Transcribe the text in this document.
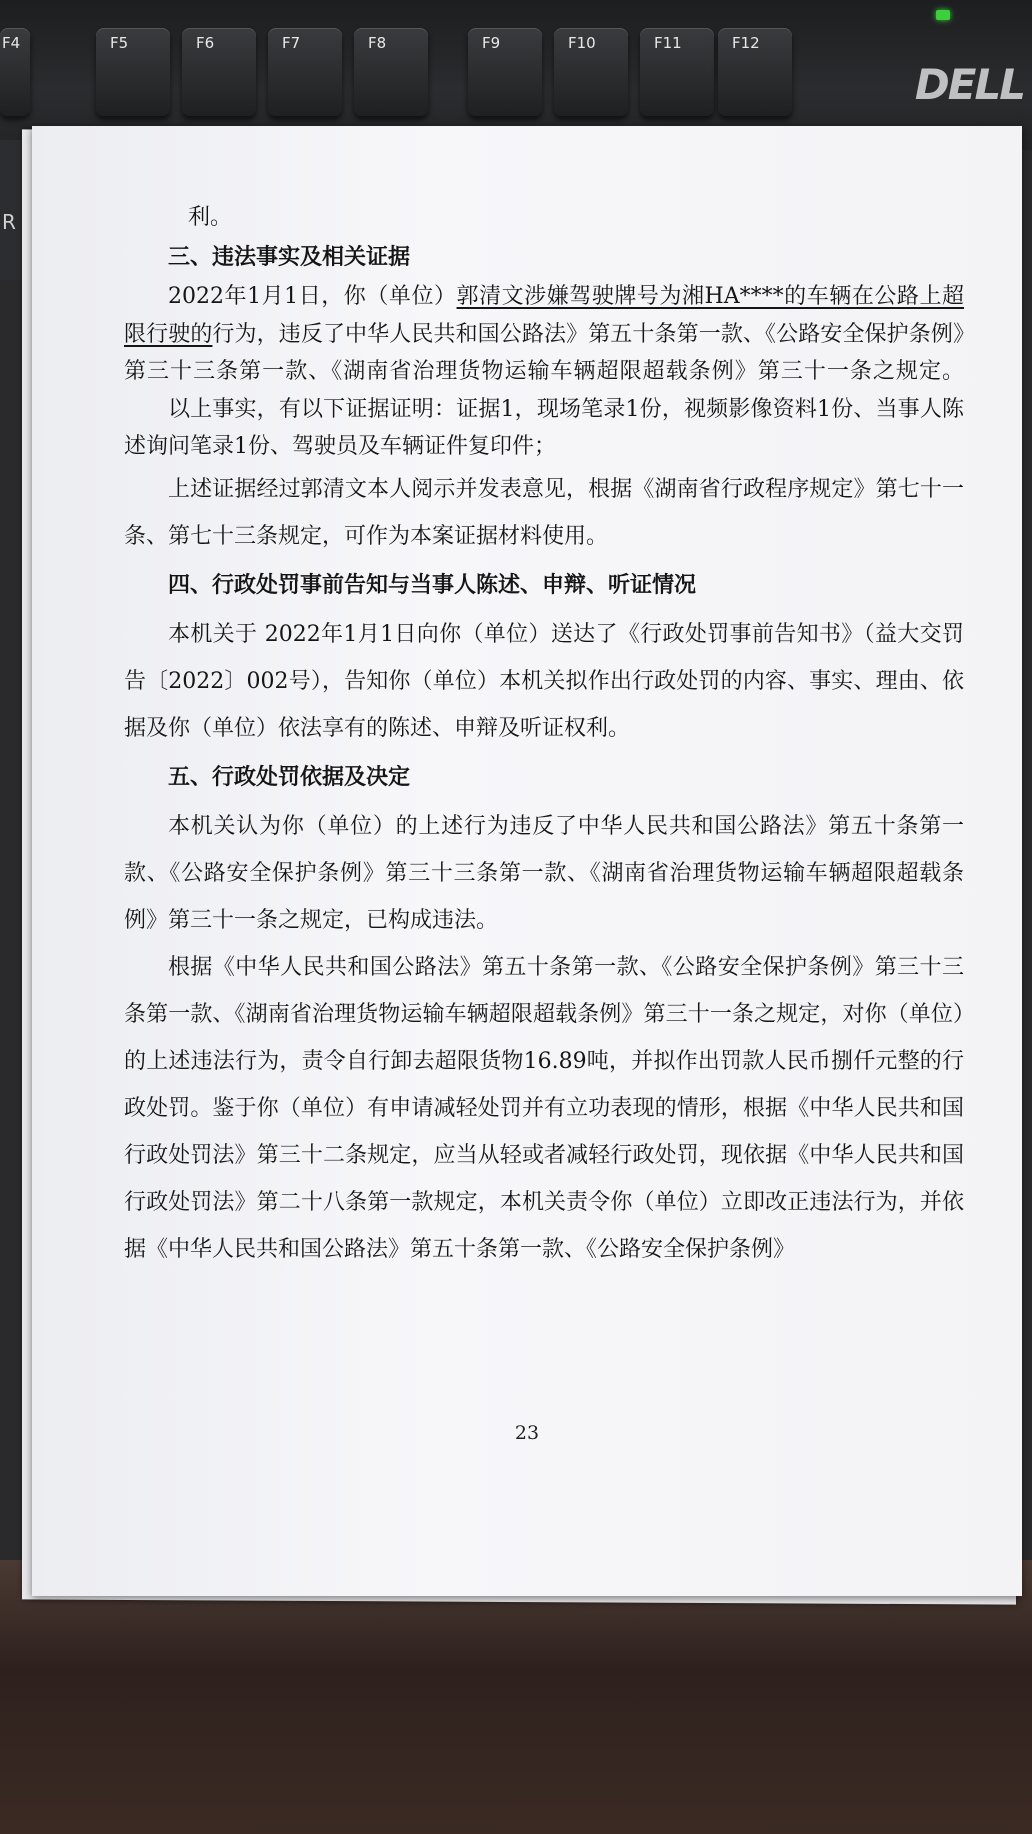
F4	F5	F6	F7	F8	F9	F10	F11	F12
DELL
R	利。

三、违法事实及相关证据

2022年1月1日，你（单位）郭清文涉嫌驾驶牌号为湘HA****的车辆在公路上超限行驶的行为，违反了中华人民共和国公路法》第五十条第一款、《公路安全保护条例》第三十三条第一款、《湖南省治理货物运输车辆超限超载条例》第三十一条之规定。

以上事实，有以下证据证明：证据1，现场笔录1份，视频影像资料1份、当事人陈述询问笔录1份、驾驶员及车辆证件复印件；

上述证据经过郭清文本人阅示并发表意见，根据《湖南省行政程序规定》第七十一条、第七十三条规定，可作为本案证据材料使用。

四、行政处罚事前告知与当事人陈述、申辩、听证情况

本机关于 2022年1月1日向你（单位）送达了《行政处罚事前告知书》（益大交罚告〔2022〕002号），告知你（单位）本机关拟作出行政处罚的内容、事实、理由、依据及你（单位）依法享有的陈述、申辩及听证权利。

五、行政处罚依据及决定

本机关认为你（单位）的上述行为违反了中华人民共和国公路法》第五十条第一款、《公路安全保护条例》第三十三条第一款、《湖南省治理货物运输车辆超限超载条例》第三十一条之规定，已构成违法。

根据《中华人民共和国公路法》第五十条第一款、《公路安全保护条例》第三十三条第一款、《湖南省治理货物运输车辆超限超载条例》第三十一条之规定，对你（单位）的上述违法行为，责令自行卸去超限货物16.89吨，并拟作出罚款人民币捌仟元整的行政处罚。鉴于你（单位）有申请减轻处罚并有立功表现的情形，根据《中华人民共和国行政处罚法》第三十二条规定，应当从轻或者减轻行政处罚，现依据《中华人民共和国行政处罚法》第二十八条第一款规定，本机关责令你（单位）立即改正违法行为，并依据《中华人民共和国公路法》第五十条第一款、《公路安全保护条例》

23
